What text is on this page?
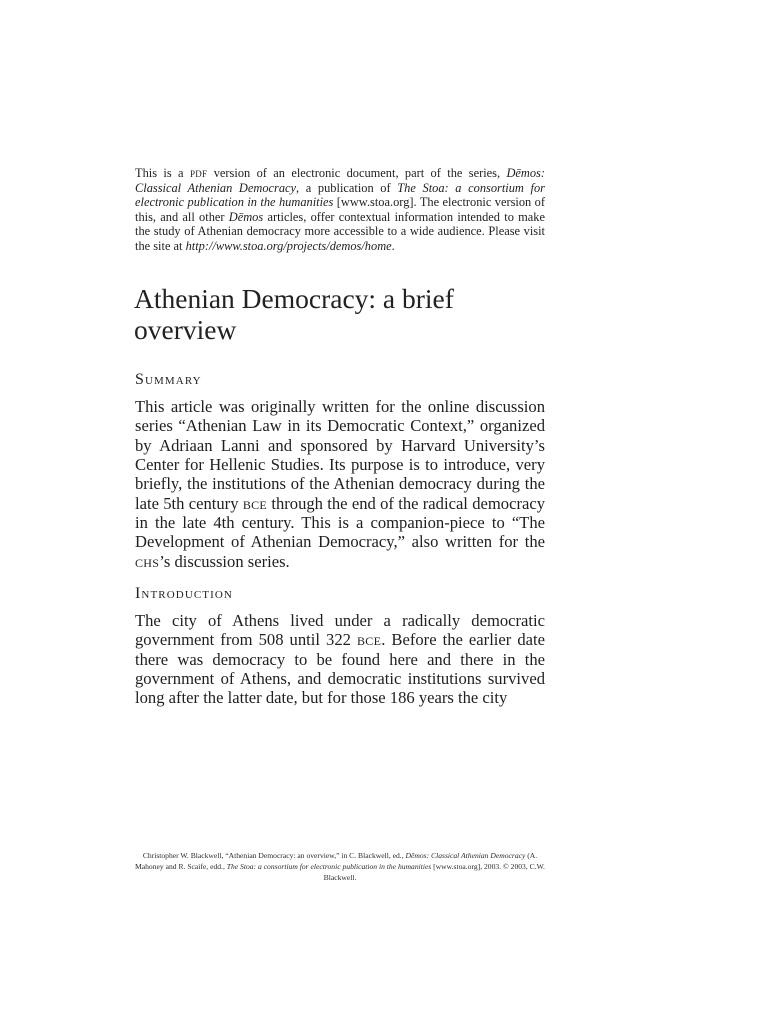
This is a pdf version of an electronic document, part of the series, Dēmos: Classical Athenian Democracy, a publication of The Stoa: a consortium for electronic publication in the humanities [www.stoa.org]. The electronic version of this, and all other Dēmos articles, offer contextual information intended to make the study of Athenian democracy more accessible to a wide audience. Please visit the site at http://www.stoa.org/projects/demos/home.

Athenian Democracy: a brief overview
Summary

This article was originally written for the online discussion series “Athenian Law in its Democratic Context,” organized by Adriaan Lanni and sponsored by Harvard University’s Center for Hellenic Studies. Its purpose is to introduce, very briefly, the institutions of the Athenian democracy during the late 5th century bce through the end of the radical democracy in the late 4th century. This is a companion-piece to “The Development of Athenian Democracy,” also written for the chs’s discussion series.

Introduction

The city of Athens lived under a radically democratic government from 508 until 322 bce. Before the earlier date there was democracy to be found here and there in the government of Athens, and democratic institutions survived long after the latter date, but for those 186 years the city

Christopher W. Blackwell, “Athenian Democracy: an overview,” in C. Blackwell, ed., Dēmos: Classical Athenian Democracy (A. Mahoney and R. Scaife, edd., The Stoa: a consortium for electronic publication in the humanities [www.stoa.org], 2003. © 2003, C.W. Blackwell.
